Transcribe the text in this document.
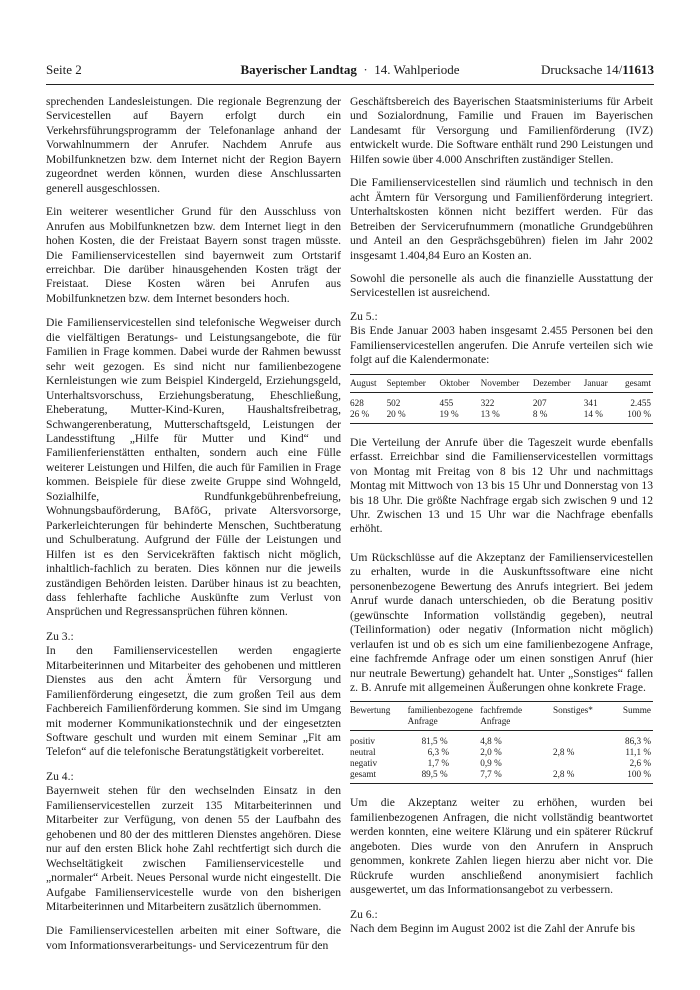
Seite 2	Bayerischer Landtag · 14. Wahlperiode	Drucksache 14/11613

sprechenden Landesleistungen. Die regionale Begrenzung der Servicestellen auf Bayern erfolgt durch ein Verkehrsführungsprogramm der Telefonanlage anhand der Vorwahlnummern der Anrufer. Nachdem Anrufe aus Mobilfunknetzen bzw. dem Internet nicht der Region Bayern zugeordnet werden können, wurden diese Anschlussarten generell ausgeschlossen.

Ein weiterer wesentlicher Grund für den Ausschluss von Anrufen aus Mobilfunknetzen bzw. dem Internet liegt in den hohen Kosten, die der Freistaat Bayern sonst tragen müsste. Die Familienservicestellen sind bayernweit zum Ortstarif erreichbar. Die darüber hinausgehenden Kosten trägt der Freistaat. Diese Kosten wären bei Anrufen aus Mobilfunknetzen bzw. dem Internet besonders hoch.

Die Familienservicestellen sind telefonische Wegweiser durch die vielfältigen Beratungs- und Leistungsangebote, die für Familien in Frage kommen. Dabei wurde der Rahmen bewusst sehr weit gezogen. Es sind nicht nur familienbezogene Kernleistungen wie zum Beispiel Kindergeld, Erziehungsgeld, Unterhaltsvorschuss, Erziehungsberatung, Eheschließung, Eheberatung, Mutter-Kind-Kuren, Haushaltsfreibetrag, Schwangerenberatung, Mutterschaftsgeld, Leistungen der Landesstiftung „Hilfe für Mutter und Kind“ und Familienferienstätten enthalten, sondern auch eine Fülle weiterer Leistungen und Hilfen, die auch für Familien in Frage kommen. Beispiele für diese zweite Gruppe sind Wohngeld, Sozialhilfe, Rundfunkgebührenbefreiung, Wohnungsbauförderung, BAföG, private Altersvorsorge, Parkerleichterungen für behinderte Menschen, Suchtberatung und Schulberatung. Aufgrund der Fülle der Leistungen und Hilfen ist es den Servicekräften faktisch nicht möglich, inhaltlich-fachlich zu beraten. Dies können nur die jeweils zuständigen Behörden leisten. Darüber hinaus ist zu beachten, dass fehlerhafte fachliche Auskünfte zum Verlust von Ansprüchen und Regressansprüchen führen können.

Zu 3.:

In den Familienservicestellen werden engagierte Mitarbeiterinnen und Mitarbeiter des gehobenen und mittleren Dienstes aus den acht Ämtern für Versorgung und Familienförderung eingesetzt, die zum großen Teil aus dem Fachbereich Familienförderung kommen. Sie sind im Umgang mit moderner Kommunikationstechnik und der eingesetzten Software geschult und wurden mit einem Seminar „Fit am Telefon“ auf die telefonische Beratungstätigkeit vorbereitet.

Zu 4.:

Bayernweit stehen für den wechselnden Einsatz in den Familienservicestellen zurzeit 135 Mitarbeiterinnen und Mitarbeiter zur Verfügung, von denen 55 der Laufbahn des gehobenen und 80 der des mittleren Dienstes angehören. Diese nur auf den ersten Blick hohe Zahl rechtfertigt sich durch die Wechseltätigkeit zwischen Familienservicestelle und „normaler“ Arbeit. Neues Personal wurde nicht eingestellt. Die Aufgabe Familienservicestelle wurde von den bisherigen Mitarbeiterinnen und Mitarbeitern zusätzlich übernommen.

Die Familienservicestellen arbeiten mit einer Software, die vom Informationsverarbeitungs- und Servicezentrum für den

Geschäftsbereich des Bayerischen Staatsministeriums für Arbeit und Sozialordnung, Familie und Frauen im Bayerischen Landesamt für Versorgung und Familienförderung (IVZ) entwickelt wurde. Die Software enthält rund 290 Leistungen und Hilfen sowie über 4.000 Anschriften zuständiger Stellen.

Die Familienservicestellen sind räumlich und technisch in den acht Ämtern für Versorgung und Familienförderung integriert. Unterhaltskosten können nicht beziffert werden. Für das Betreiben der Servicerufnummern (monatliche Grundgebühren und Anteil an den Gesprächsgebühren) fielen im Jahr 2002 insgesamt 1.404,84 Euro an Kosten an.

Sowohl die personelle als auch die finanzielle Ausstattung der Servicestellen ist ausreichend.

Zu 5.:

Bis Ende Januar 2003 haben insgesamt 2.455 Personen bei den Familienservicestellen angerufen. Die Anrufe verteilen sich wie folgt auf die Kalendermonate:

August	September	Oktober	November	Dezember	Januar	gesamt
628	502	455	322	207	341	2.455
26 %	20 %	19 %	13 %	8 %	14 %	100 %

Die Verteilung der Anrufe über die Tageszeit wurde ebenfalls erfasst. Erreichbar sind die Familienservicestellen vormittags von Montag mit Freitag von 8 bis 12 Uhr und nachmittags Montag mit Mittwoch von 13 bis 15 Uhr und Donnerstag von 13 bis 18 Uhr. Die größte Nachfrage ergab sich zwischen 9 und 12 Uhr. Zwischen 13 und 15 Uhr war die Nachfrage ebenfalls erhöht.

Um Rückschlüsse auf die Akzeptanz der Familienservicestellen zu erhalten, wurde in die Auskunftssoftware eine nicht personenbezogene Bewertung des Anrufs integriert. Bei jedem Anruf wurde danach unterschieden, ob die Beratung positiv (gewünschte Information vollständig gegeben), neutral (Teilinformation) oder negativ (Information nicht möglich) verlaufen ist und ob es sich um eine familienbezogene Anfrage, eine fachfremde Anfrage oder um einen sonstigen Anruf (hier nur neutrale Bewertung) gehandelt hat. Unter „Sonstiges“ fallen z. B. Anrufe mit allgemeinen Äußerungen ohne konkrete Frage.

Bewertung	familienbezogene Anfrage	fachfremde Anfrage	Sonstiges*	Summe
positiv	81,5 %	4,8 %		86,3 %
neutral	6,3 %	2,0 %	2,8 %	11,1 %
negativ	1,7 %	0,9 %		2,6 %
gesamt	89,5 %	7,7 %	2,8 %	100 %

Um die Akzeptanz weiter zu erhöhen, wurden bei familienbezogenen Anfragen, die nicht vollständig beantwortet werden konnten, eine weitere Klärung und ein späterer Rückruf angeboten. Dies wurde von den Anrufern in Anspruch genommen, konkrete Zahlen liegen hierzu aber nicht vor. Die Rückrufe wurden anschließend anonymisiert fachlich ausgewertet, um das Informationsangebot zu verbessern.

Zu 6.:

Nach dem Beginn im August 2002 ist die Zahl der Anrufe bis
